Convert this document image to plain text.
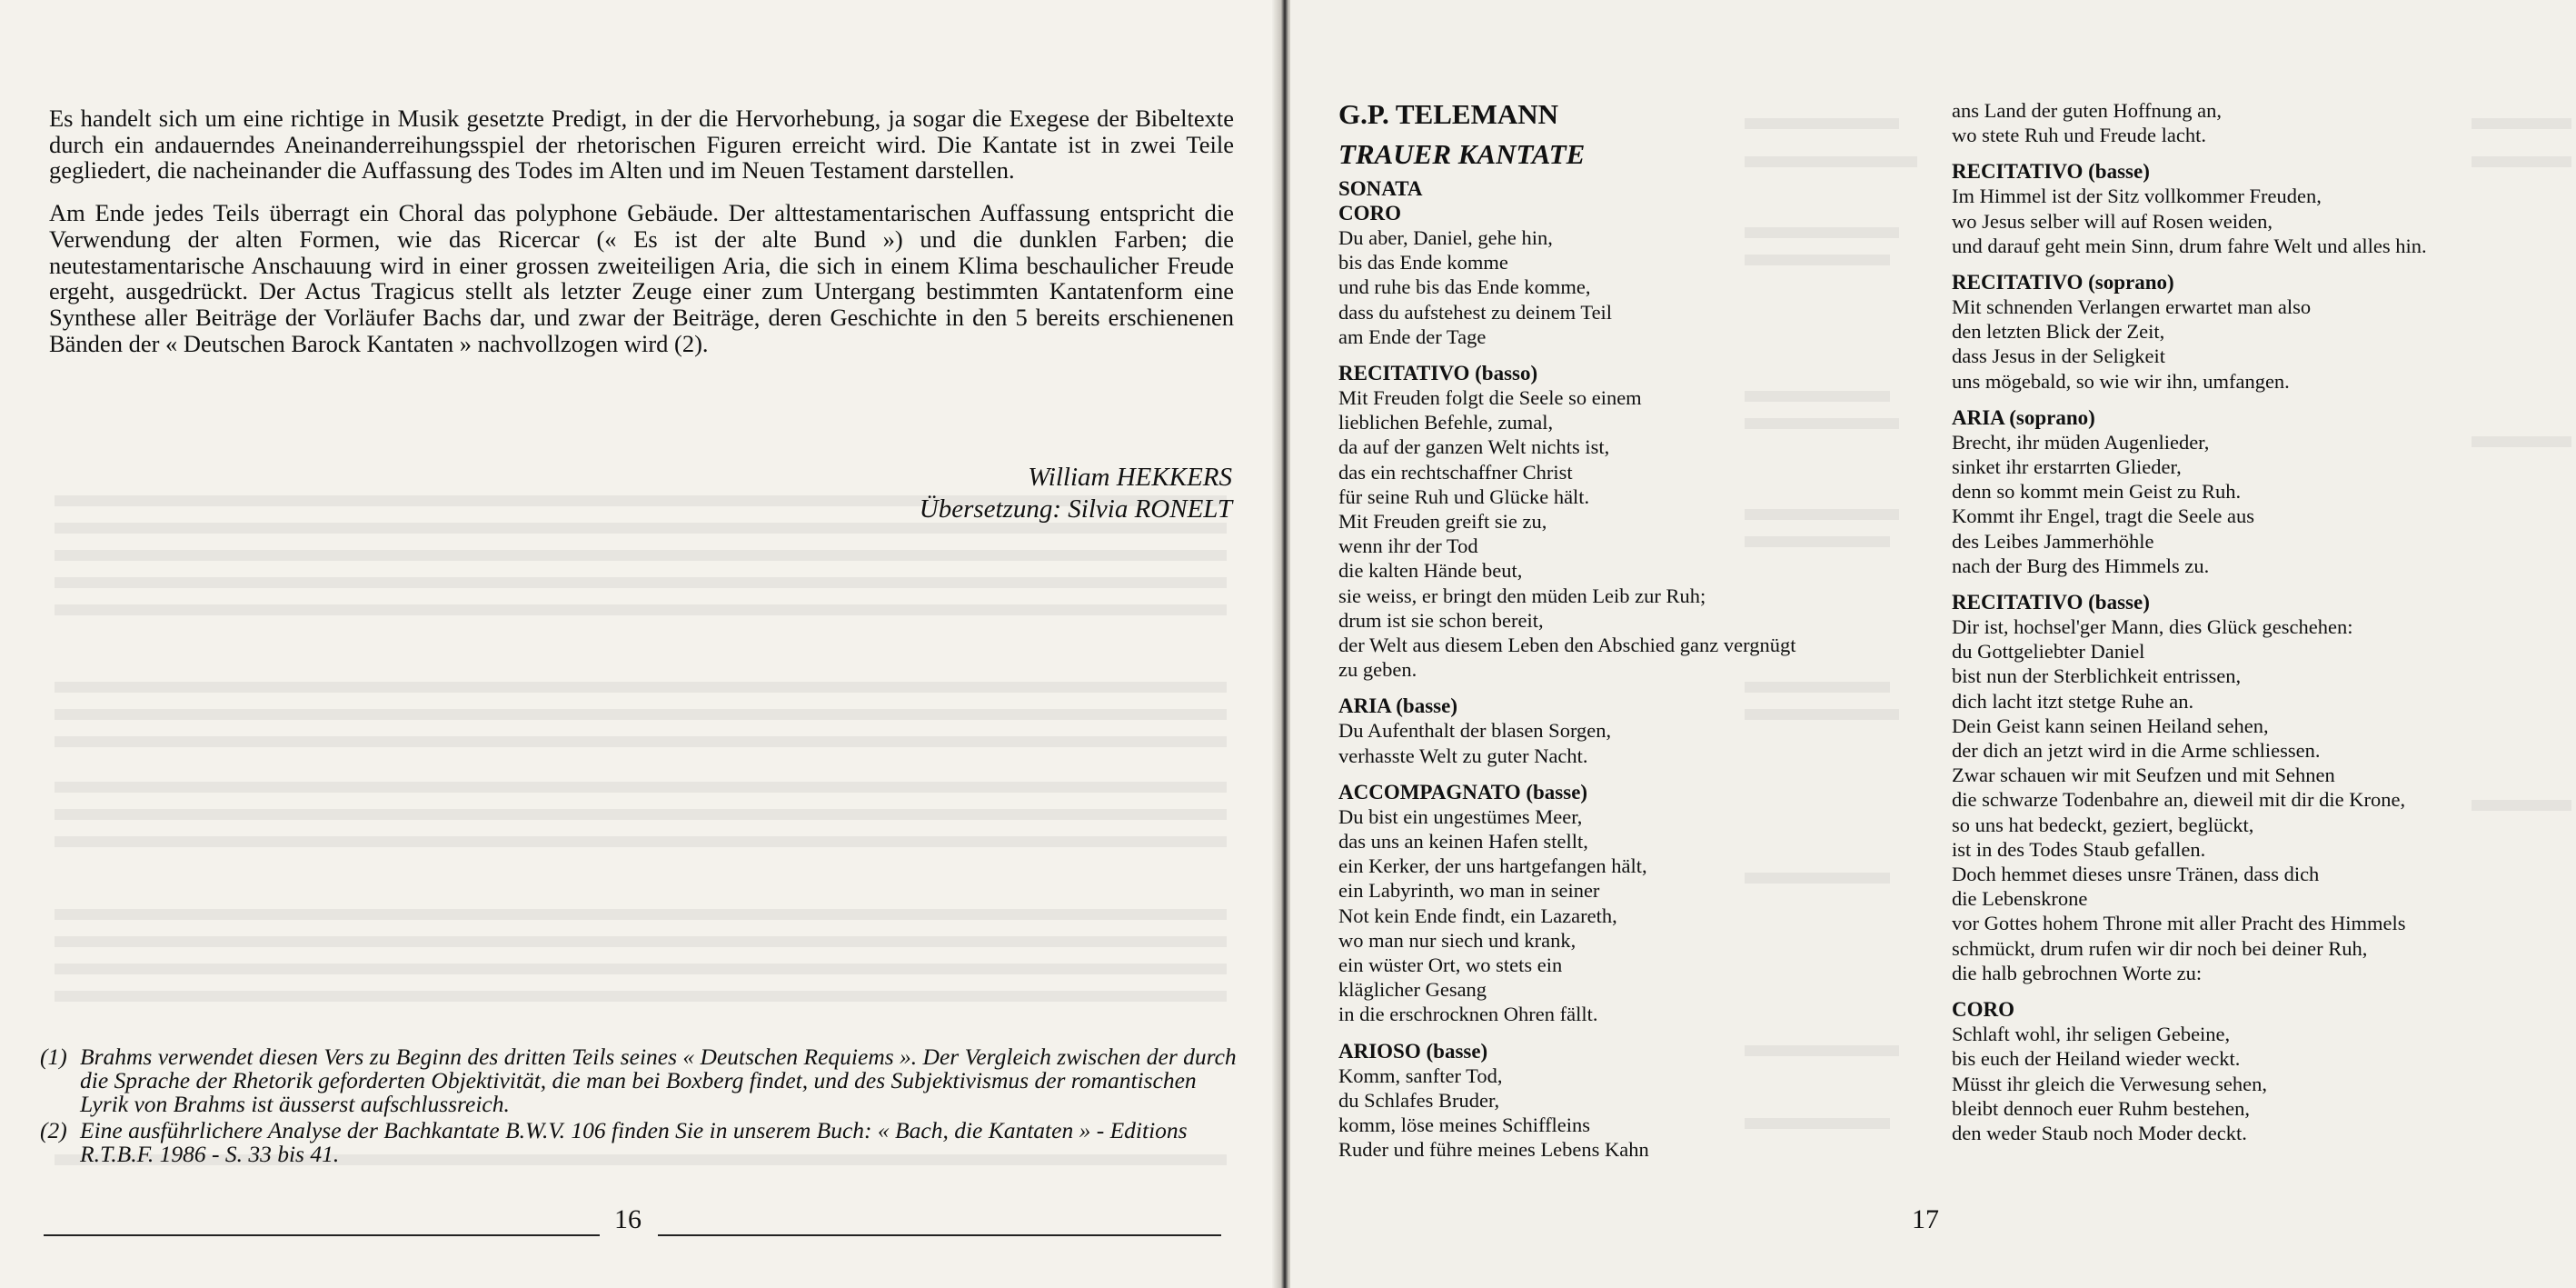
Es handelt sich um eine richtige in Musik gesetzte Predigt, in der die Hervorhebung, ja sogar die Exegese der Bibeltexte durch ein andauerndes Aneinanderreihungsspiel der rhetorischen Figuren erreicht wird. Die Kantate ist in zwei Teile gegliedert, die nacheinander die Auffassung des Todes im Alten und im Neuen Testament darstellen.

Am Ende jedes Teils überragt ein Choral das polyphone Gebäude. Der alttestamentarischen Auffassung entspricht die Verwendung der alten Formen, wie das Ricercar (« Es ist der alte Bund ») und die dunklen Farben; die neutestamentarische Anschauung wird in einer grossen zweiteiligen Aria, die sich in einem Klima beschaulicher Freude ergeht, ausgedrückt. Der Actus Tragicus stellt als letzter Zeuge einer zum Untergang bestimmten Kantatenform eine Synthese aller Beiträge der Vorläufer Bachs dar, und zwar der Beiträge, deren Geschichte in den 5 bereits erschienenen Bänden der « Deutschen Barock Kantaten » nachvollzogen wird (2).

William HEKKERS
Übersetzung: Silvia RONELT
(1) Brahms verwendet diesen Vers zu Beginn des dritten Teils seines « Deutschen Requiems ». Der Vergleich zwischen der durch die Sprache der Rhetorik geforderten Objektivität, die man bei Boxberg findet, und des Subjektivismus der romantischen Lyrik von Brahms ist äusserst aufschlussreich.
(2) Eine ausführlichere Analyse der Bachkantate B.W.V. 106 finden Sie in unserem Buch: « Bach, die Kantaten » - Editions R.T.B.F. 1986 - S. 33 bis 41.
16	17
G.P. TELEMANN
TRAUER KANTATE
SONATA
CORO
Du aber, Daniel, gehe hin,
bis das Ende komme
und ruhe bis das Ende komme,
dass du aufstehest zu deinem Teil
am Ende der Tage
RECITATIVO (basso)
Mit Freuden folgt die Seele so einem
lieblichen Befehle, zumal,
da auf der ganzen Welt nichts ist,
das ein rechtschaffner Christ
für seine Ruh und Glücke hält.
Mit Freuden greift sie zu,
wenn ihr der Tod
die kalten Hände beut,
sie weiss, er bringt den müden Leib zur Ruh;
drum ist sie schon bereit,
der Welt aus diesem Leben den Abschied ganz vergnügt
zu geben.
ARIA (basse)
Du Aufenthalt der blasen Sorgen,
verhasste Welt zu guter Nacht.
ACCOMPAGNATO (basse)
Du bist ein ungestümes Meer,
das uns an keinen Hafen stellt,
ein Kerker, der uns hartgefangen hält,
ein Labyrinth, wo man in seiner
Not kein Ende findt, ein Lazareth,
wo man nur siech und krank,
ein wüster Ort, wo stets ein
kläglicher Gesang
in die erschrocknen Ohren fällt.
ARIOSO (basse)
Komm, sanfter Tod,
du Schlafes Bruder,
komm, löse meines Schiffleins
Ruder und führe meines Lebens Kahn
ans Land der guten Hoffnung an,
wo stete Ruh und Freude lacht.
RECITATIVO (basse)
Im Himmel ist der Sitz vollkommer Freuden,
wo Jesus selber will auf Rosen weiden,
und darauf geht mein Sinn, drum fahre Welt und alles hin.
RECITATIVO (soprano)
Mit schnenden Verlangen erwartet man also
den letzten Blick der Zeit,
dass Jesus in der Seligkeit
uns mögebald, so wie wir ihn, umfangen.
ARIA (soprano)
Brecht, ihr müden Augenlieder,
sinket ihr erstarrten Glieder,
denn so kommt mein Geist zu Ruh.
Kommt ihr Engel, tragt die Seele aus
des Leibes Jammerhöhle
nach der Burg des Himmels zu.
RECITATIVO (basse)
Dir ist, hochsel'ger Mann, dies Glück geschehen:
du Gottgeliebter Daniel
bist nun der Sterblichkeit entrissen,
dich lacht itzt stetge Ruhe an.
Dein Geist kann seinen Heiland sehen,
der dich an jetzt wird in die Arme schliessen.
Zwar schauen wir mit Seufzen und mit Sehnen
die schwarze Todenbahre an, dieweil mit dir die Krone,
so uns hat bedeckt, geziert, beglückt,
ist in des Todes Staub gefallen.
Doch hemmet dieses unsre Tränen, dass dich
die Lebenskrone
vor Gottes hohem Throne mit aller Pracht des Himmels
schmückt, drum rufen wir dir noch bei deiner Ruh,
die halb gebrochnen Worte zu:
CORO
Schlaft wohl, ihr seligen Gebeine,
bis euch der Heiland wieder weckt.
Müsst ihr gleich die Verwesung sehen,
bleibt dennoch euer Ruhm bestehen,
den weder Staub noch Moder deckt.
